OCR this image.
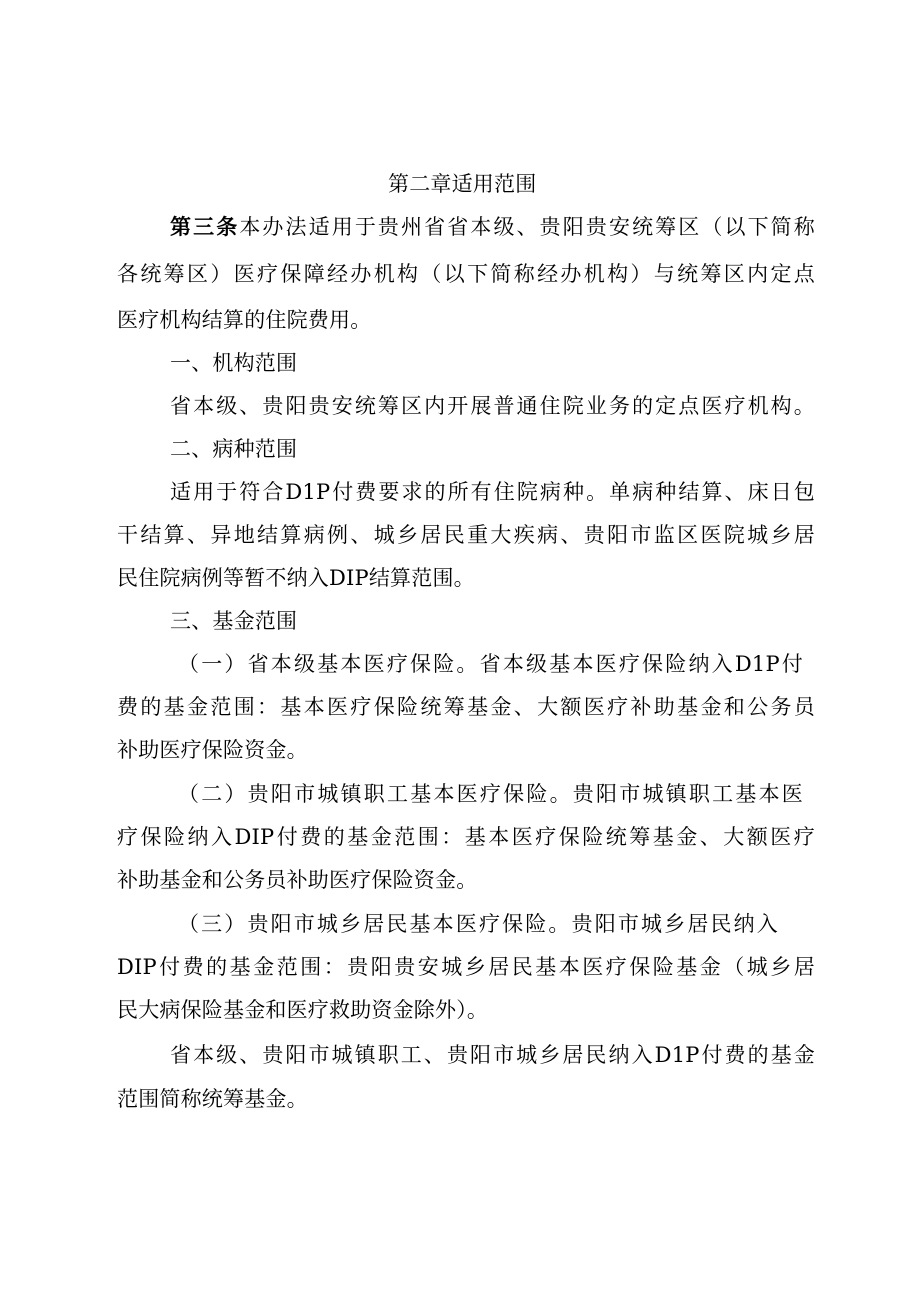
第二章适用范围
第三条本办法适用于贵州省省本级、贵阳贵安统筹区（以下简称
各统筹区）医疗保障经办机构（以下简称经办机构）与统筹区内定点
医疗机构结算的住院费用。
一、机构范围
省本级、贵阳贵安统筹区内开展普通住院业务的定点医疗机构。
二、病种范围
适用于符合D1P付费要求的所有住院病种。单病种结算、床日包
干结算、异地结算病例、城乡居民重大疾病、贵阳市监区医院城乡居
民住院病例等暂不纳入DIP结算范围。
三、基金范围
（一）省本级基本医疗保险。省本级基本医疗保险纳入D1P付
费的基金范围：基本医疗保险统筹基金、大额医疗补助基金和公务员
补助医疗保险资金。
（二）贵阳市城镇职工基本医疗保险。贵阳市城镇职工基本医
疗保险纳入DIP付费的基金范围：基本医疗保险统筹基金、大额医疗
补助基金和公务员补助医疗保险资金。
（三）贵阳市城乡居民基本医疗保险。贵阳市城乡居民纳入
DIP付费的基金范围：贵阳贵安城乡居民基本医疗保险基金（城乡居
民大病保险基金和医疗救助资金除外）。
省本级、贵阳市城镇职工、贵阳市城乡居民纳入D1P付费的基金
范围简称统筹基金。
